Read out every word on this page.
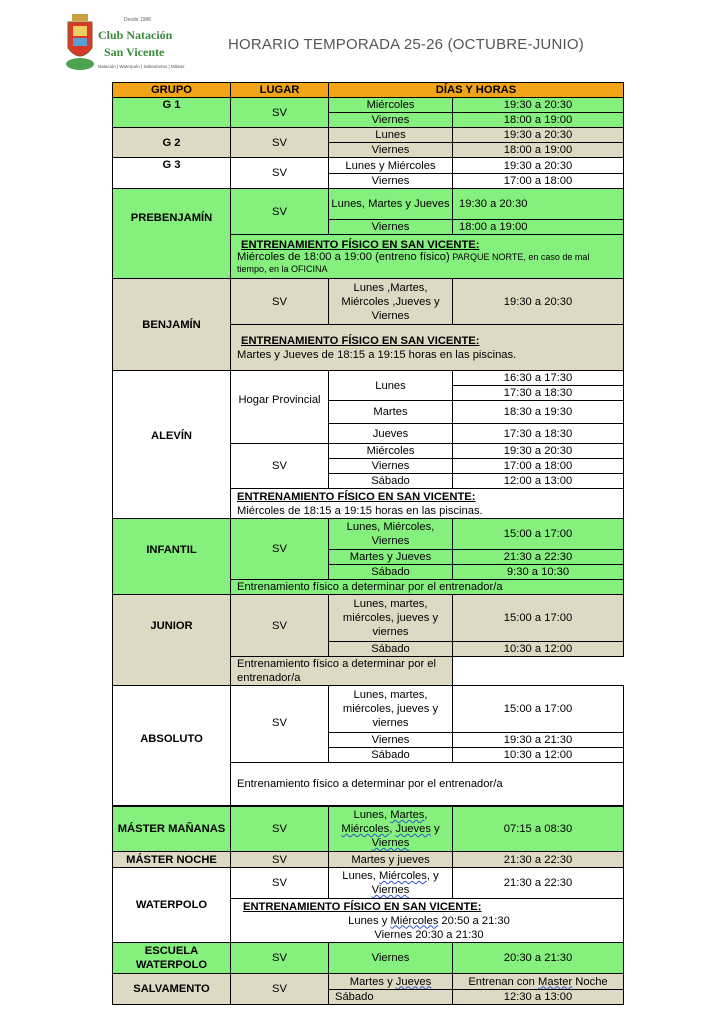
Desde 1988
Club Natación
San Vicente
Natación | Waterpolo | Salvamento | Máster
HORARIO TEMPORADA 25-26 (OCTUBRE-JUNIO)
GRUPO	LUGAR	DÍAS Y HORAS	
G 1	SV	Miércoles	19:30 a 20:30
		Viernes	18:00 a 19:00
G 2	SV	Lunes	19:30 a 20:30
		Viernes	18:00 a 19:00
G 3	SV	Lunes y Miércoles	19:30 a 20:30
		Viernes	17:00 a 18:00
PREBENJAMÍN	SV	Lunes, Martes y Jueves	19:30 a 20:30
		Viernes	18:00 a 19:00

	ENTRENAMIENTO FÍSICO EN SAN VICENTE:
Miércoles de 18:00 a 19:00 (entreno físico) PARQUE NORTE, en caso de mal tiempo, en la OFICINA		
BENJAMÍN	SV	Lunes ,Martes, Miércoles ,Jueves y Viernes	19:30 a 20:30

	ENTRENAMIENTO FÍSICO EN SAN VICENTE:
Martes y Jueves de 18:15 a 19:15 horas en las piscinas.		
ALEVÍN	Hogar Provincial	Lunes	16:30 a 17:30
			17:30 a 18:30
		Martes	18:30 a 19:30
		Jueves	17:30 a 18:30
	SV	Miércoles	19:30 a 20:30
		Viernes	17:00 a 18:00
		Sábado	12:00 a 13:00

	ENTRENAMIENTO FÍSICO EN SAN VICENTE:
Miércoles de 18:15 a 19:15 horas en las piscinas.		
INFANTIL	SV	Lunes, Miércoles, Viernes	15:00 a 17:00
		Martes y Jueves	21:30 a 22:30
		Sábado	9:30 a 10:30
	Entrenamiento físico a determinar por el entrenador/a		
JUNIOR	SV	Lunes, martes, miércoles, jueves y viernes	15:00 a 17:00
		Sábado	10:30 a 12:00
	Entrenamiento físico a determinar por el entrenador/a		
ABSOLUTO	SV	Lunes, martes, miércoles, jueves y viernes	15:00 a 17:00
		Viernes	19:30 a 21:30
		Sábado	10:30 a 12:00
	Entrenamiento físico a determinar por el entrenador/a		
MÁSTER MAÑANAS	SV	Lunes, Martes, Miércoles, Jueves y Viernes	07:15 a 08:30
MÁSTER NOCHE	SV	Martes y jueves	21:30 a 22:30
WATERPOLO	SV	Lunes, Miércoles, y Viernes	21:30 a 22:30

	ENTRENAMIENTO FÍSICO EN SAN VICENTE:
Lunes y Miércoles 20:50 a 21:30
Viernes 20:30 a 21:30		
ESCUELA WATERPOLO	SV	Viernes	20:30 a 21:30
SALVAMENTO	SV	Martes y Jueves	Entrenan con Master Noche
		Sábado	12:30 a 13:00
